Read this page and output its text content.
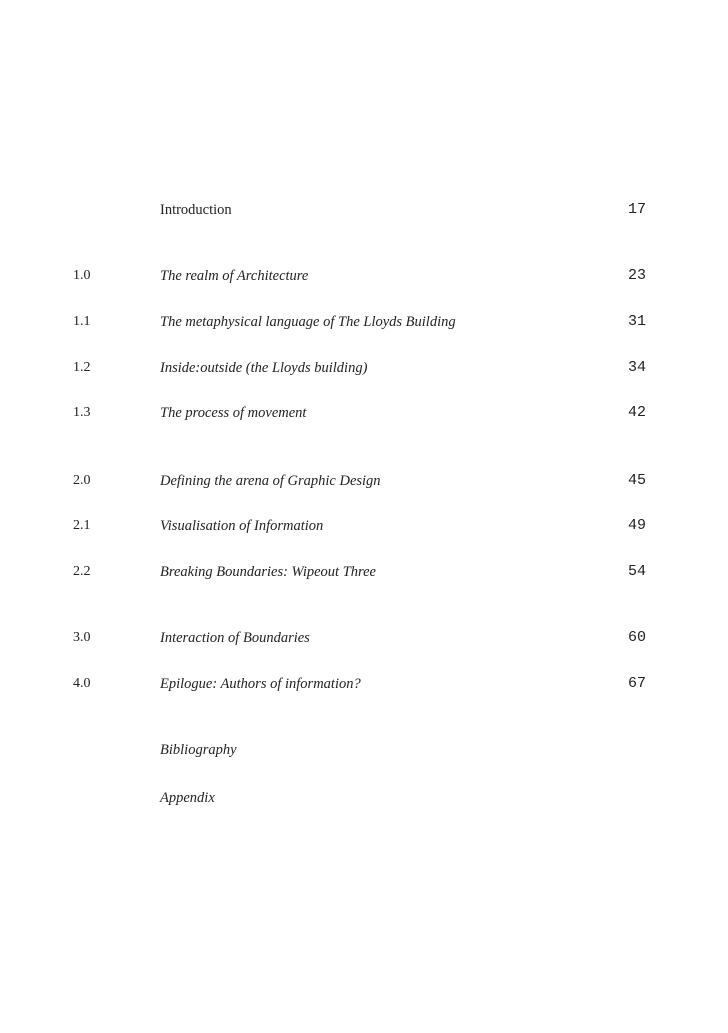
Introduction	17
1.0	The realm of Architecture	23
1.1	The metaphysical language of The Lloyds Building	31
1.2	Inside:outside (the Lloyds building)	34
1.3	The process of movement	42
2.0	Defining the arena of Graphic Design	45
2.1	Visualisation of Information	49
2.2	Breaking Boundaries: Wipeout Three	54
3.0	Interaction of Boundaries	60
4.0	Epilogue: Authors of information?	67
Bibliography
Appendix
